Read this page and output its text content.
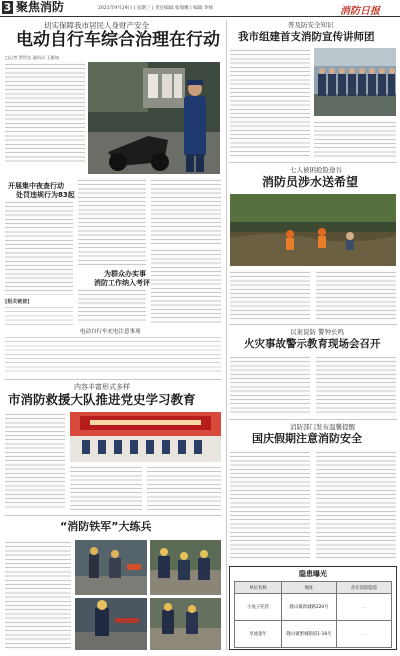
3 聚焦消防	2021年9月29日 | 星期三 | 责任编辑:张瑞娜 | 编辑 李帅	消防日报
切实保障我市居民人身财产安全
电动自行车综合治理在行动
□记者 罗世达 通讯员 王雅如
开展集中夜查行动
处罚违规行为83起
为群众办实事
消防工作纳入考评
[相关链接]
电动自行车充电注意事项
内容丰富形式多样
市消防救援大队推进党史学习教育
“消防铁军”大练兵
普及防安全知识
我市组建首支消防宣传讲师团
七人被困抢险途谷
消防员涉水送希望
以案说防 警钟长鸣
火灾事故警示教育现场会召开
消防部门发布温馨提醒
国庆假期注意消防安全
隐患曝光
单位名称	地址	存在消防隐患
小兔子托管	隆山镇新城路220号	....
享流童年	隆山镇繁城街道1-18号	....
